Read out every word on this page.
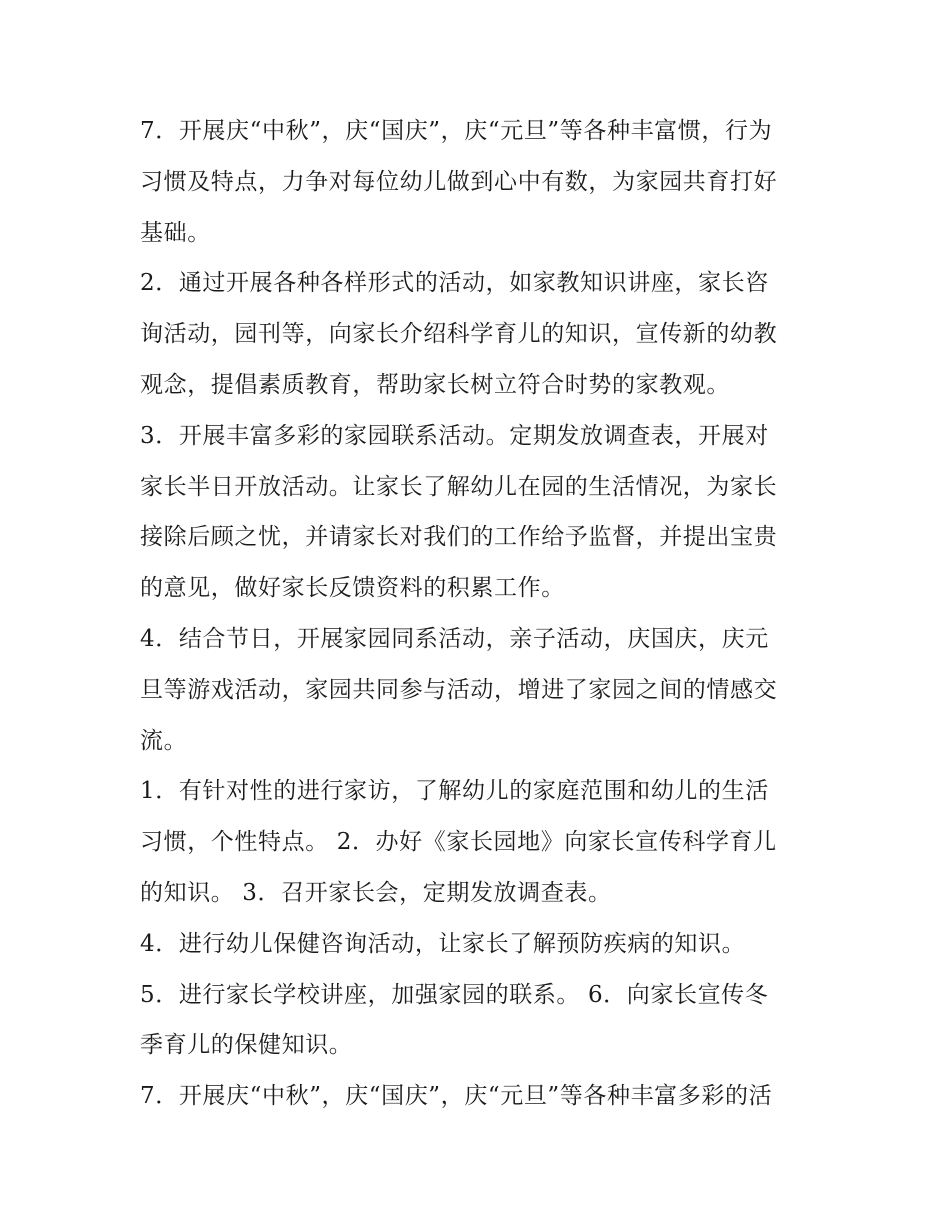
7．开展庆“中秋”，庆“国庆”，庆“元旦”等各种丰富惯，行为
习惯及特点，力争对每位幼儿做到心中有数，为家园共育打好
基础。
2．通过开展各种各样形式的活动，如家教知识讲座，家长咨
询活动，园刊等，向家长介绍科学育儿的知识，宣传新的幼教
观念，提倡素质教育，帮助家长树立符合时势的家教观。
3．开展丰富多彩的家园联系活动。定期发放调查表，开展对
家长半日开放活动。让家长了解幼儿在园的生活情况，为家长
接除后顾之忧，并请家长对我们的工作给予监督，并提出宝贵
的意见，做好家长反馈资料的积累工作。
4．结合节日，开展家园同系活动，亲子活动，庆国庆，庆元
旦等游戏活动，家园共同参与活动，增进了家园之间的情感交
流。
1．有针对性的进行家访，了解幼儿的家庭范围和幼儿的生活
习惯，个性特点。 2．办好《家长园地》向家长宣传科学育儿
的知识。 3．召开家长会，定期发放调查表。
4．进行幼儿保健咨询活动，让家长了解预防疾病的知识。
5．进行家长学校讲座，加强家园的联系。 6．向家长宣传冬
季育儿的保健知识。
7．开展庆“中秋”，庆“国庆”，庆“元旦”等各种丰富多彩的活
